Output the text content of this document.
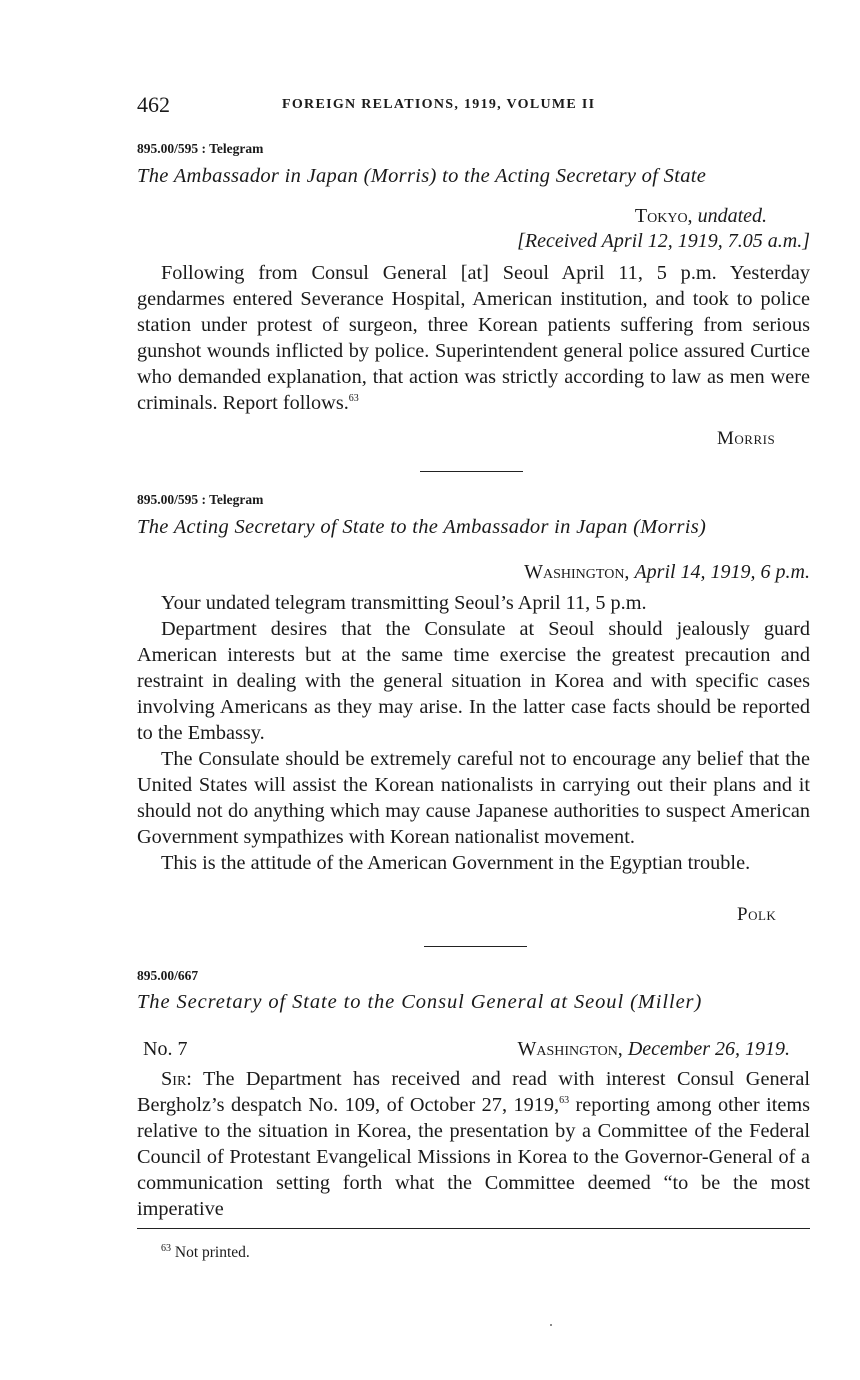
462	FOREIGN RELATIONS, 1919, VOLUME II
895.00/595 : Telegram
The Ambassador in Japan (Morris) to the Acting Secretary of State
Tokyo, undated.
[Received April 12, 1919, 7.05 a.m.]

Following from Consul General [at] Seoul April 11, 5 p.m. Yesterday gendarmes entered Severance Hospital, American institution, and took to police station under protest of surgeon, three Korean patients suffering from serious gunshot wounds inflicted by police. Superintendent general police assured Curtice who demanded explanation, that action was strictly according to law as men were criminals. Report follows.$^{63}$

Morris
895.00/595 : Telegram
The Acting Secretary of State to the Ambassador in Japan (Morris)
Washington, April 14, 1919, 6 p.m.

Your undated telegram transmitting Seoul’s April 11, 5 p.m.

Department desires that the Consulate at Seoul should jealously guard American interests but at the same time exercise the greatest precaution and restraint in dealing with the general situation in Korea and with specific cases involving Americans as they may arise. In the latter case facts should be reported to the Embassy.

The Consulate should be extremely careful not to encourage any belief that the United States will assist the Korean nationalists in carrying out their plans and it should not do anything which may cause Japanese authorities to suspect American Government sympathizes with Korean nationalist movement.

This is the attitude of the American Government in the Egyptian trouble.

Polk
895.00/667
The Secretary of State to the Consul General at Seoul (Miller)
No. 7	Washington, December 26, 1919.

Sir: The Department has received and read with interest Consul General Bergholz’s despatch No. 109, of October 27, 1919,63 reporting among other items relative to the situation in Korea, the presentation by a Committee of the Federal Council of Protestant Evangelical Missions in Korea to the Governor-General of a communication setting forth what the Committee deemed “to be the most imperative

$^{63}$ Not printed.
